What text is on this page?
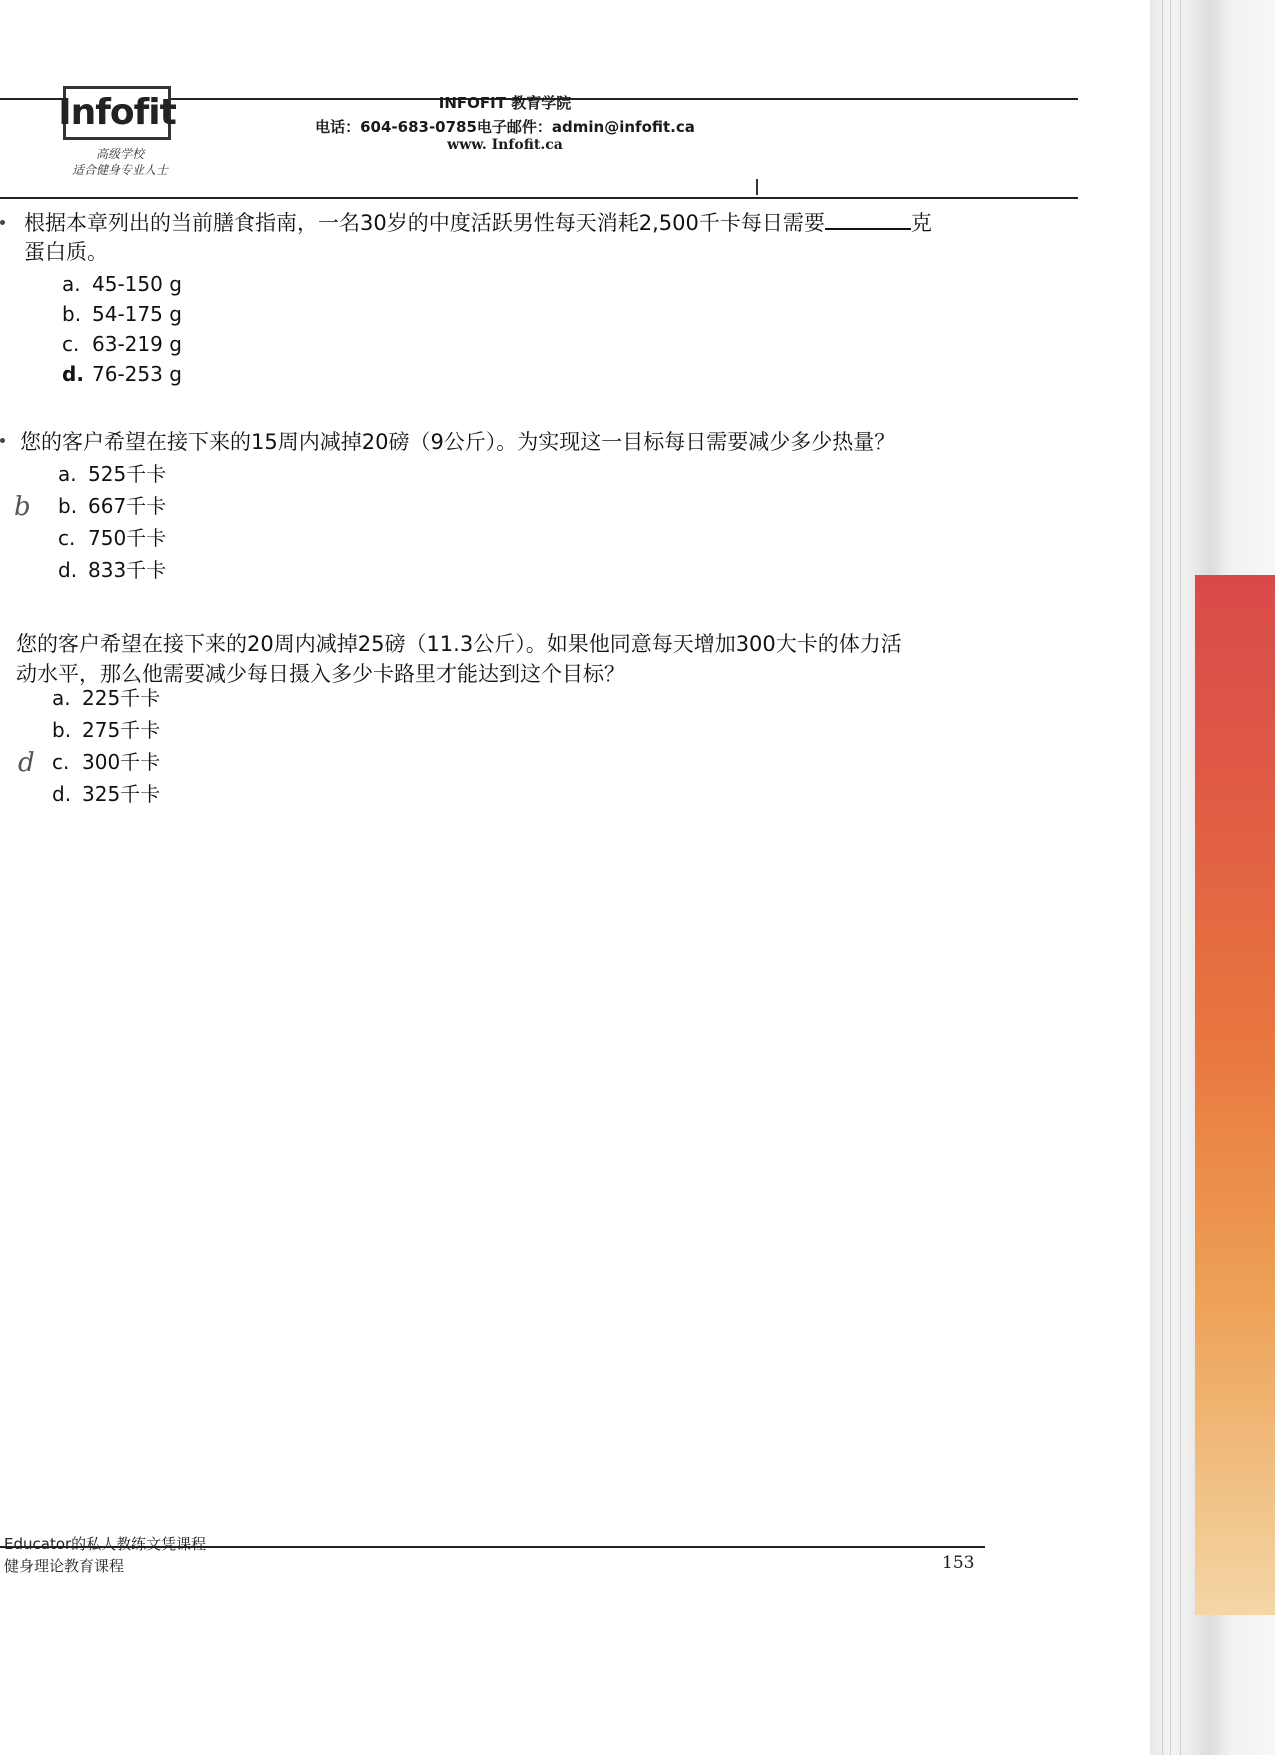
Infofit
高级学校
适合健身专业人士
INFOFIT 教育学院
电话：604-683-0785电子邮件：admin@infofit.ca
www. Infofit.ca
根据本章列出的当前膳食指南，一名30岁的中度活跃男性每天消耗2,500千卡每日需要	克
蛋白质。
a. 45-150 g
b. 54-175 g
c. 63-219 g
d. 76-253 g
您的客户希望在接下来的15周内减掉20磅（9公斤）。为实现这一目标每日需要减少多少热量？
b
a. 525千卡
b. 667千卡
c. 750千卡
d. 833千卡
您的客户希望在接下来的20周内减掉25磅（11.3公斤）。如果他同意每天增加300大卡的体力活
动水平，那么他需要减少每日摄入多少卡路里才能达到这个目标？
a. 225千卡
b. 275千卡
d c. 300千卡
d. 325千卡
Educator的私人教练文凭课程
健身理论教育课程	153
